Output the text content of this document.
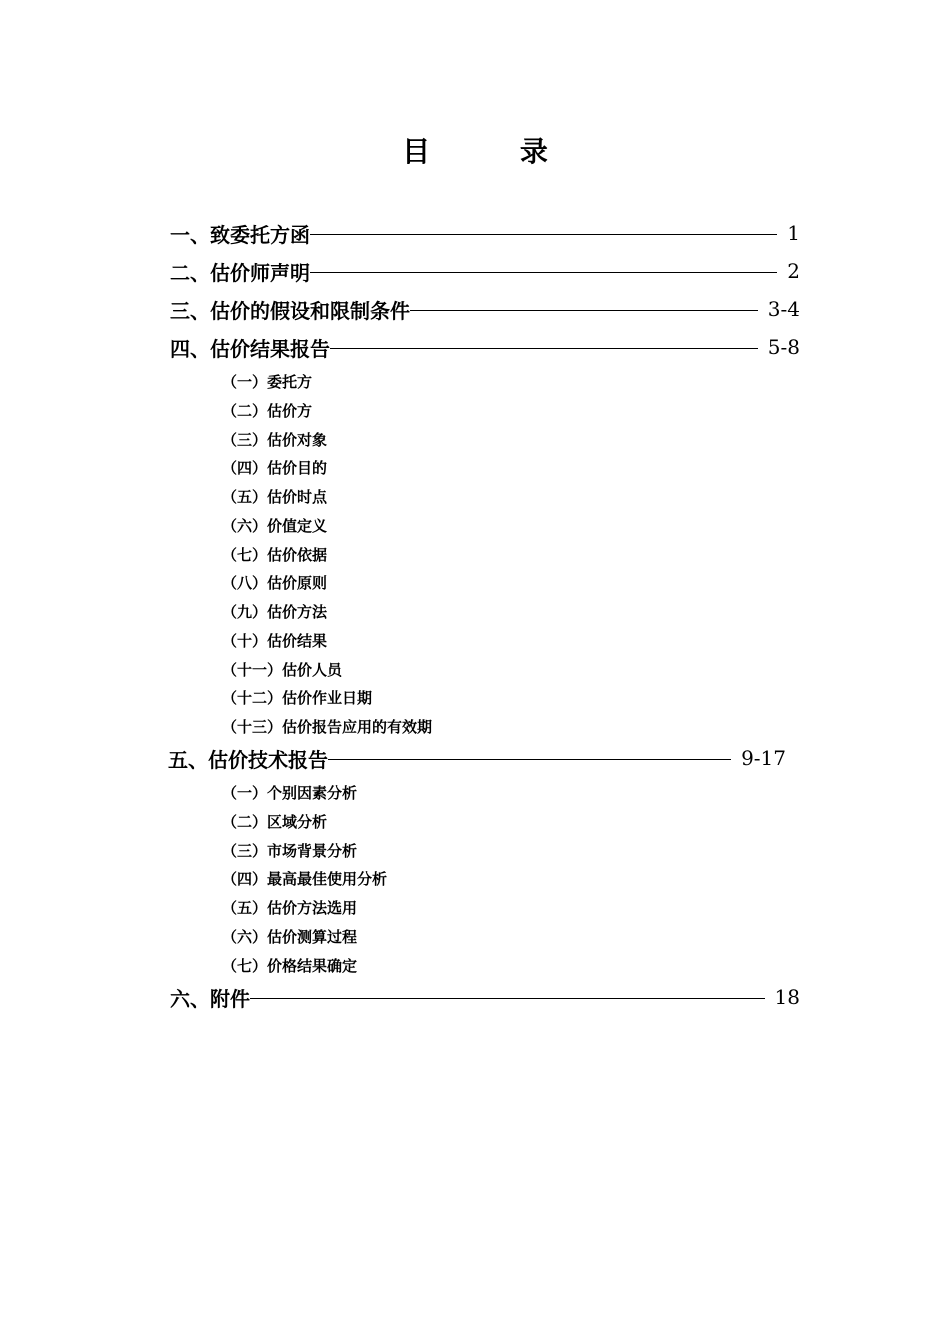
目 录
一、致委托方函	1
二、估价师声明	2
三、估价的假设和限制条件	3-4
四、估价结果报告	5-8
（一）委托方
（二）估价方
（三）估价对象
（四）估价目的
（五）估价时点
（六）价值定义
（七）估价依据
（八）估价原则
（九）估价方法
（十）估价结果
（十一）估价人员
（十二）估价作业日期
（十三）估价报告应用的有效期
五、估价技术报告	9-17
（一）个别因素分析
（二）区域分析
（三）市场背景分析
（四）最高最佳使用分析
（五）估价方法选用
（六）估价测算过程
（七）价格结果确定
六、附件	18
